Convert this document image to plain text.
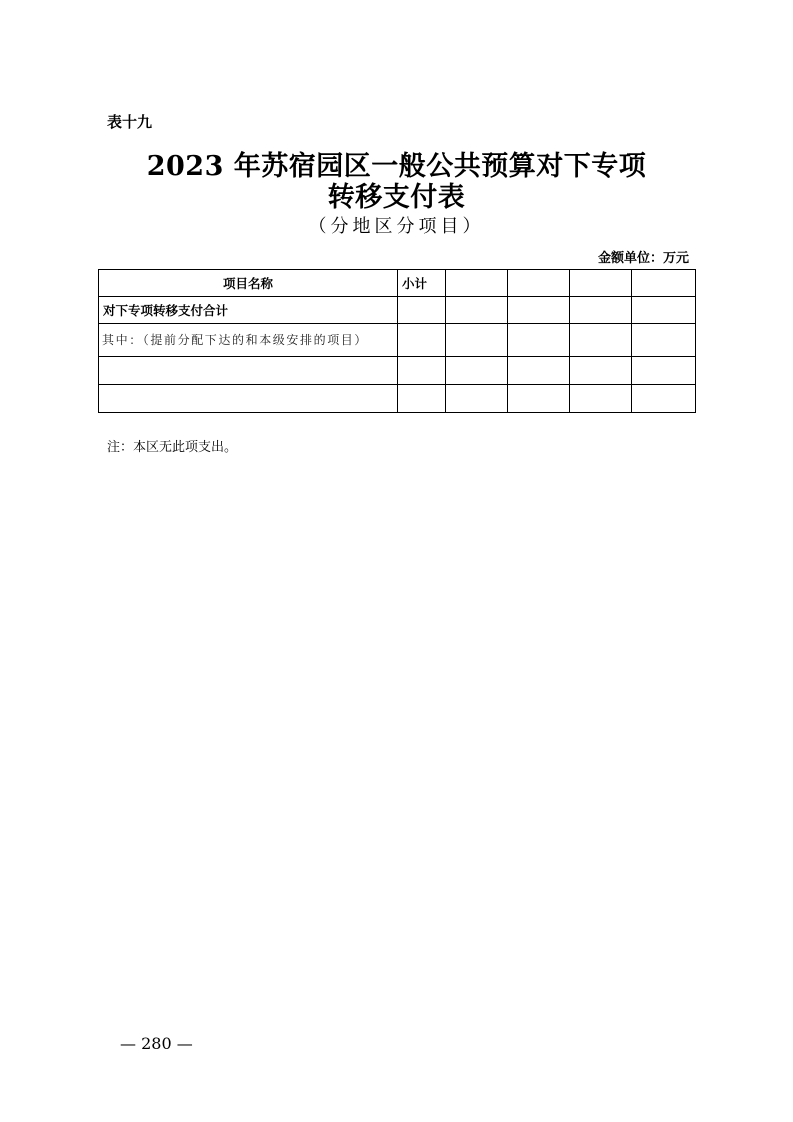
表十九
2023 年苏宿园区一般公共预算对下专项
转移支付表
（分地区分项目）
金额单位：万元
项目名称	小计				
对下专项转移支付合计					
其中：（提前分配下达的和本级安排的项目）					

注：本区无此项支出。
— 280 —
